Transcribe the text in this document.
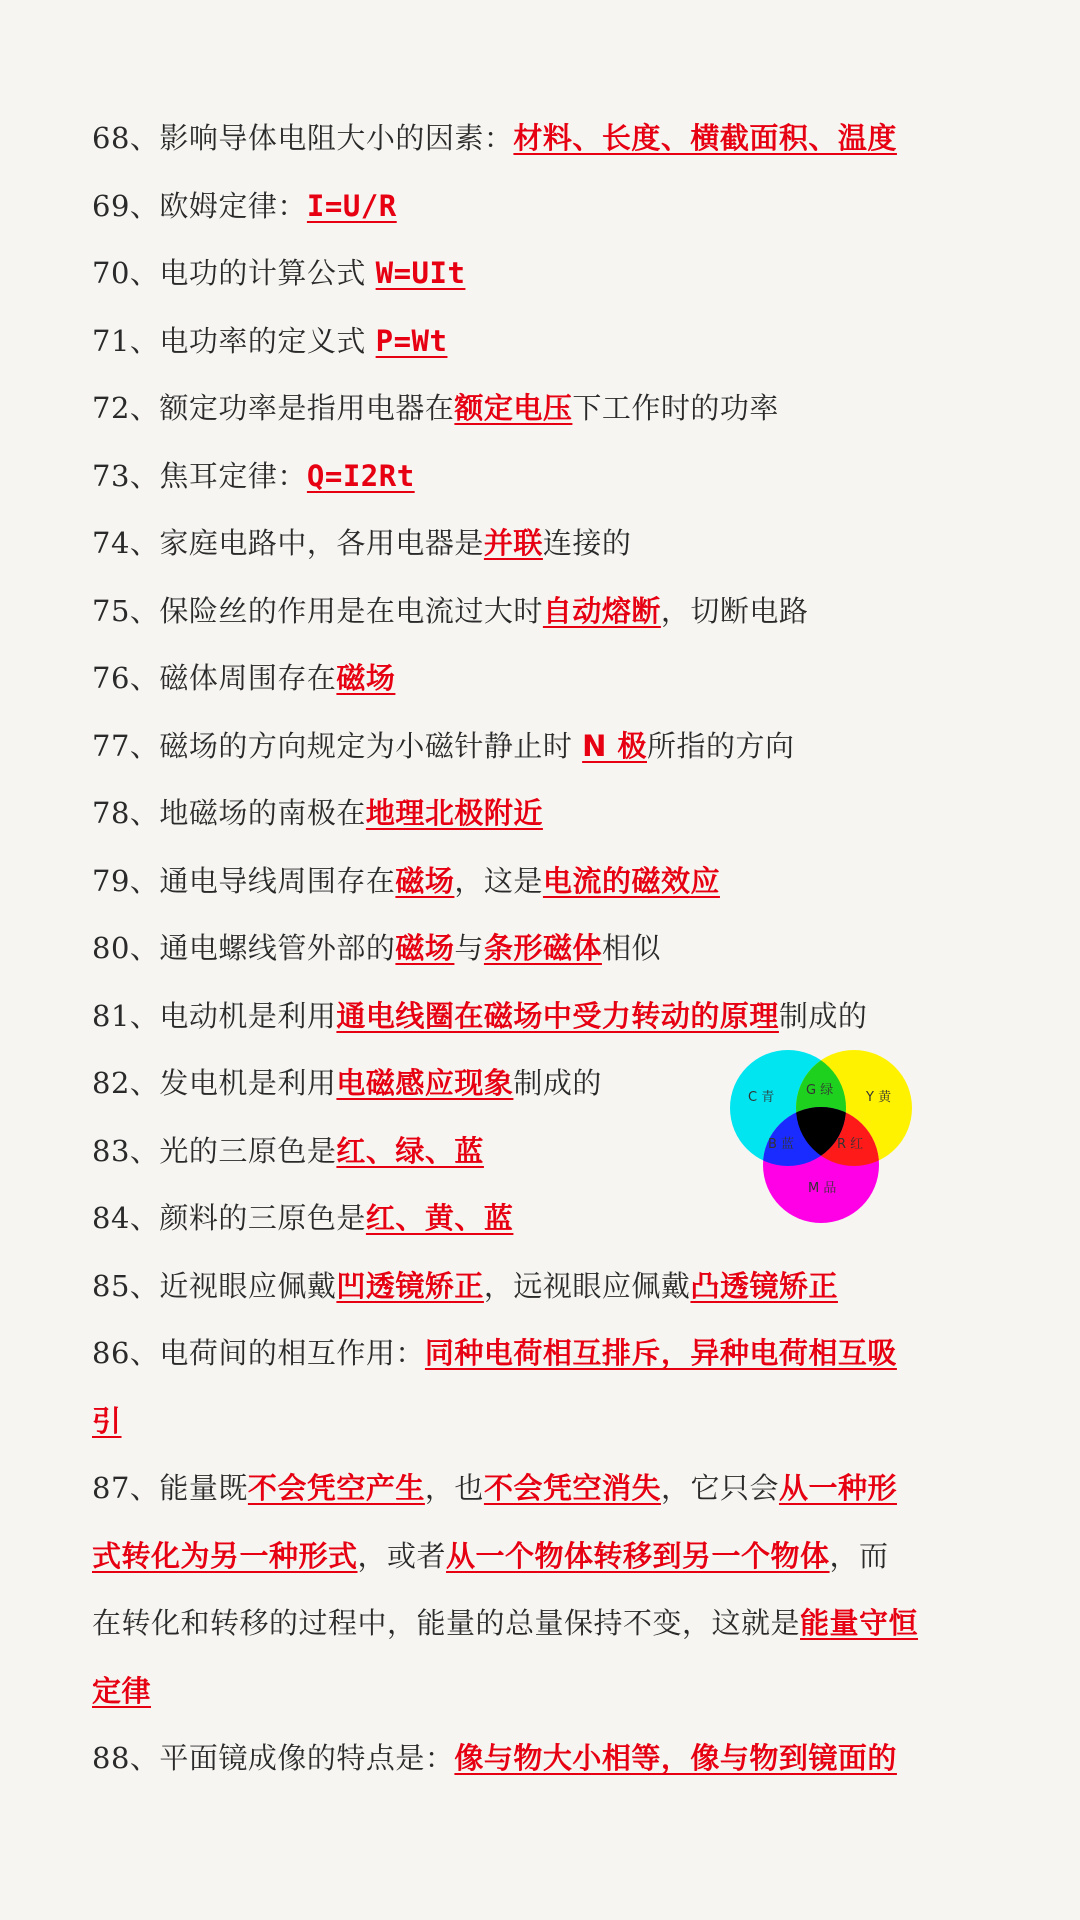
68、影响导体电阻大小的因素：材料、长度、横截面积、温度
69、欧姆定律：I=U/R
70、电功的计算公式 W=UIt
71、电功率的定义式 P=Wt
72、额定功率是指用电器在额定电压下工作时的功率
73、焦耳定律：Q=I2Rt
74、家庭电路中，各用电器是并联连接的
75、保险丝的作用是在电流过大时自动熔断，切断电路
76、磁体周围存在磁场
77、磁场的方向规定为小磁针静止时 N 极所指的方向
78、地磁场的南极在地理北极附近
79、通电导线周围存在磁场，这是电流的磁效应
80、通电螺线管外部的磁场与条形磁体相似
81、电动机是利用通电线圈在磁场中受力转动的原理制成的
82、发电机是利用电磁感应现象制成的
83、光的三原色是红、绿、蓝
84、颜料的三原色是红、黄、蓝
85、近视眼应佩戴凹透镜矫正，远视眼应佩戴凸透镜矫正
86、电荷间的相互作用：同种电荷相互排斥，异种电荷相互吸
引
87、能量既不会凭空产生，也不会凭空消失，它只会从一种形
式转化为另一种形式，或者从一个物体转移到另一个物体，而
在转化和转移的过程中，能量的总量保持不变，这就是能量守恒
定律
88、平面镜成像的特点是：像与物大小相等，像与物到镜面的
C 青 G 绿	Y 黄
B 蓝	R 红
M 品
